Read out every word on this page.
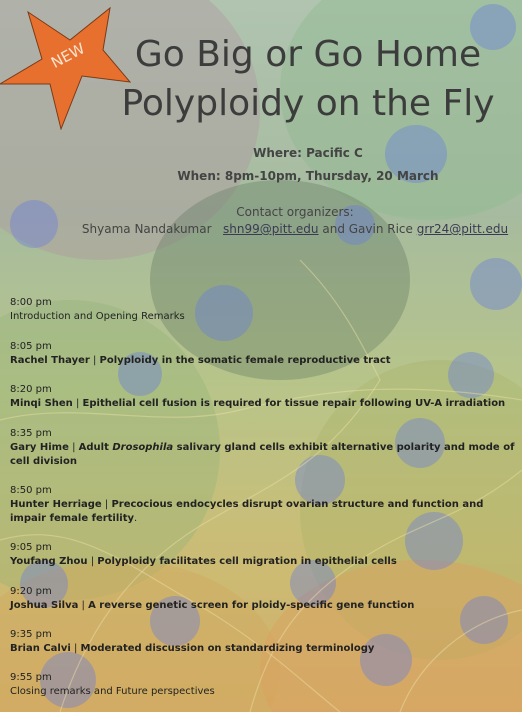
NEW	Go Big or Go Home
Polyploidy on the Fly
Where: Pacific C
When: 8pm-10pm, Thursday, 20 March
Contact organizers:
Shyama Nandakumar shn99@pitt.edu and Gavin Rice grr24@pitt.edu
8:00 pm
Introduction and Opening Remarks
8:05 pm
Rachel Thayer | Polyploidy in the somatic female reproductive tract
8:20 pm
Minqi Shen | Epithelial cell fusion is required for tissue repair following UV-A irradiation
8:35 pm
Gary Hime | Adult Drosophila salivary gland cells exhibit alternative polarity and mode of cell division
8:50 pm
Hunter Herriage | Precocious endocycles disrupt ovarian structure and function and impair female fertility.
9:05 pm
Youfang Zhou | Polyploidy facilitates cell migration in epithelial cells
9:20 pm
Joshua Silva | A reverse genetic screen for ploidy-specific gene function
9:35 pm
Brian Calvi | Moderated discussion on standardizing terminology
9:55 pm
Closing remarks and Future perspectives
